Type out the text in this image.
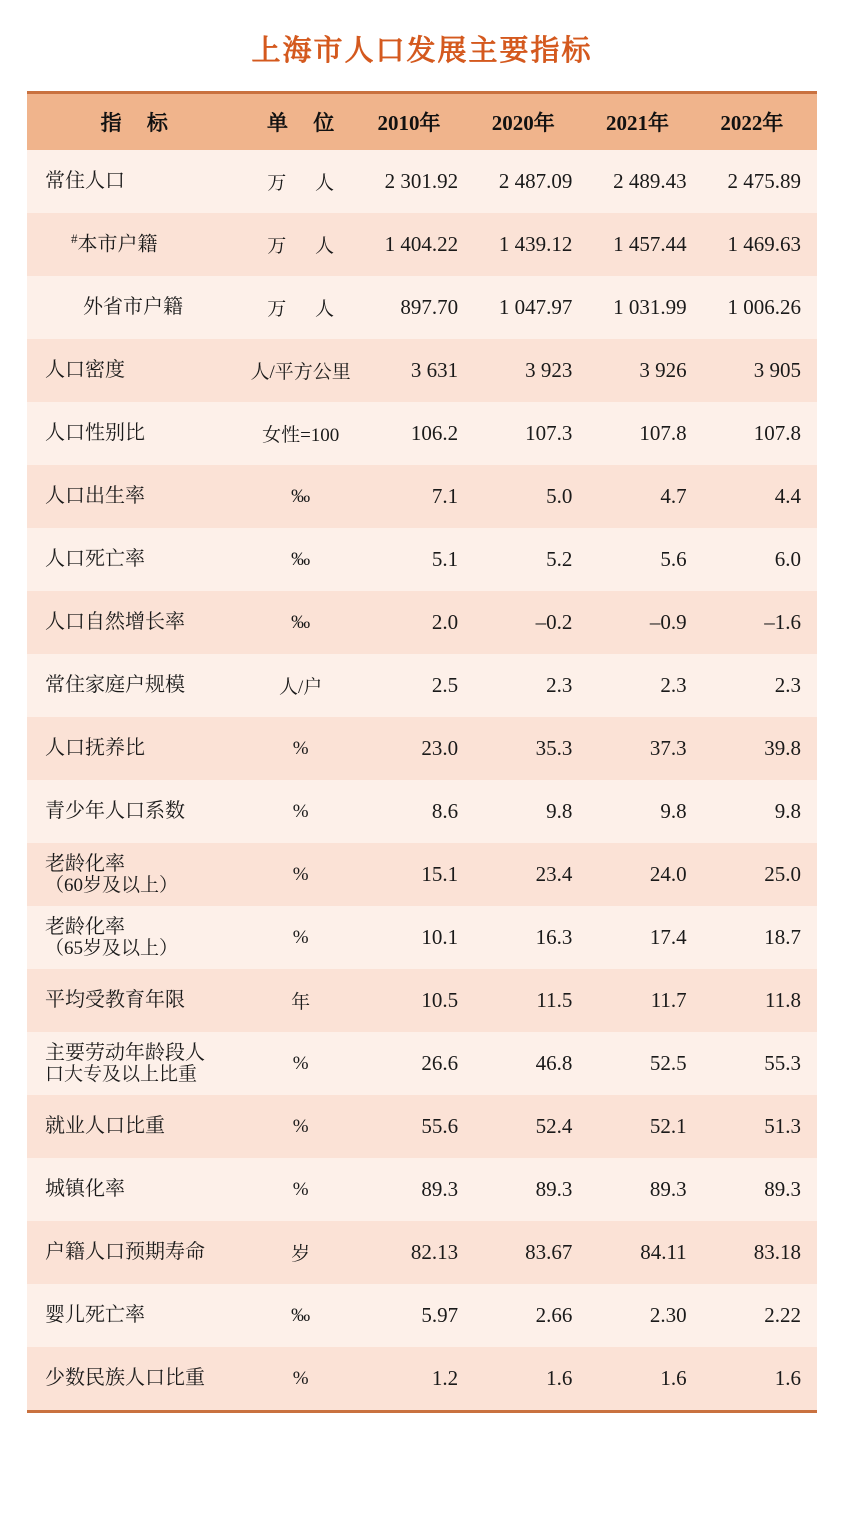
上海市人口发展主要指标
指 标	单 位	2010年	2020年	2021年	2022年
常住人口	万 人	2 301.92	2 487.09	2 489.43	2 475.89
#本市户籍	万 人	1 404.22	1 439.12	1 457.44	1 469.63
外省市户籍	万 人	897.70	1 047.97	1 031.99	1 006.26
人口密度	人/平方公里	3 631	3 923	3 926	3 905
人口性别比	女性=100	106.2	107.3	107.8	107.8
人口出生率	‰	7.1	5.0	4.7	4.4
人口死亡率	‰	5.1	5.2	5.6	6.0
人口自然增长率	‰	2.0	–0.2	–0.9	–1.6
常住家庭户规模	人/户	2.5	2.3	2.3	2.3
人口抚养比	%	23.0	35.3	37.3	39.8
青少年人口系数	%	8.6	9.8	9.8	9.8

老龄化率
（60岁及以上）	%	15.1	23.4	24.0	25.0

老龄化率
（65岁及以上）	%	10.1	16.3	17.4	18.7
平均受教育年限	年	10.5	11.5	11.7	11.8

主要劳动年龄段人
口大专及以上比重	%	26.6	46.8	52.5	55.3
就业人口比重	%	55.6	52.4	52.1	51.3
城镇化率	%	89.3	89.3	89.3	89.3
户籍人口预期寿命	岁	82.13	83.67	84.11	83.18
婴儿死亡率	‰	5.97	2.66	2.30	2.22
少数民族人口比重	%	1.2	1.6	1.6	1.6
